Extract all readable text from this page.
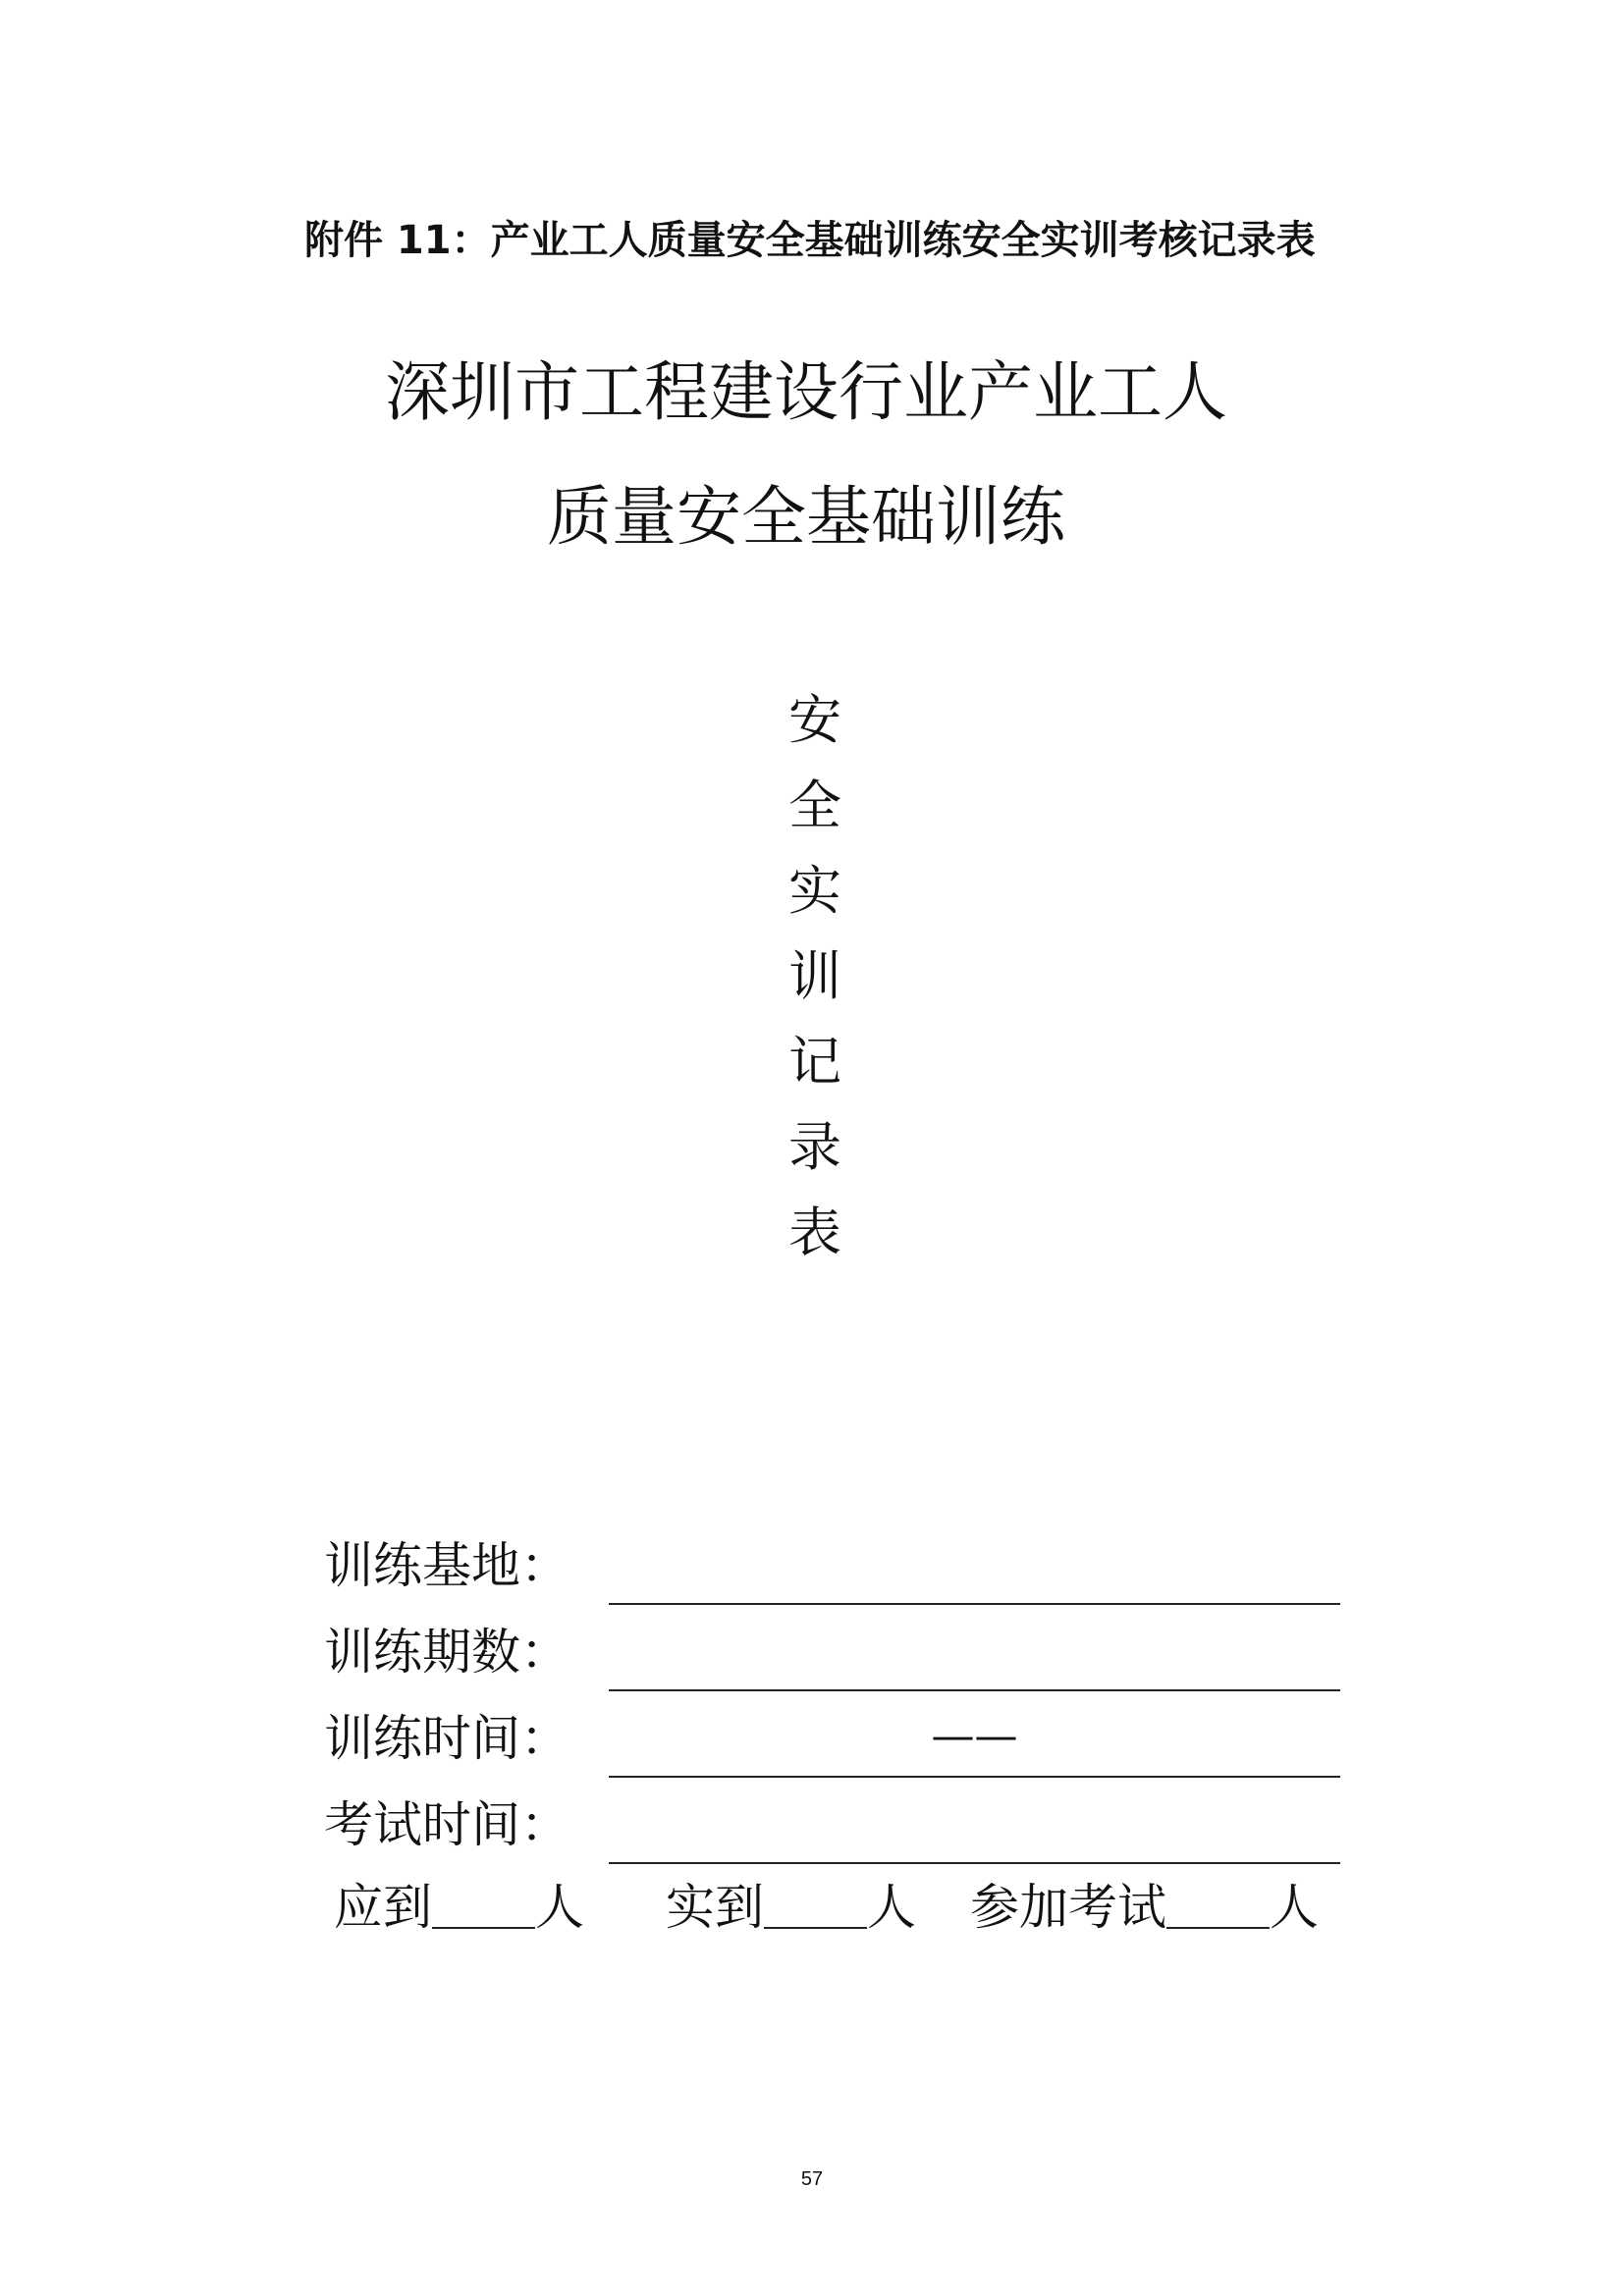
附件 11：产业工人质量安全基础训练安全实训考核记录表
深圳市工程建设行业产业工人
质量安全基础训练
安
全
实
训
记
录
表
训练基地：
训练期数：
训练时间：	——
考试时间：
应到 人 实到 人 参加考试 人
57
